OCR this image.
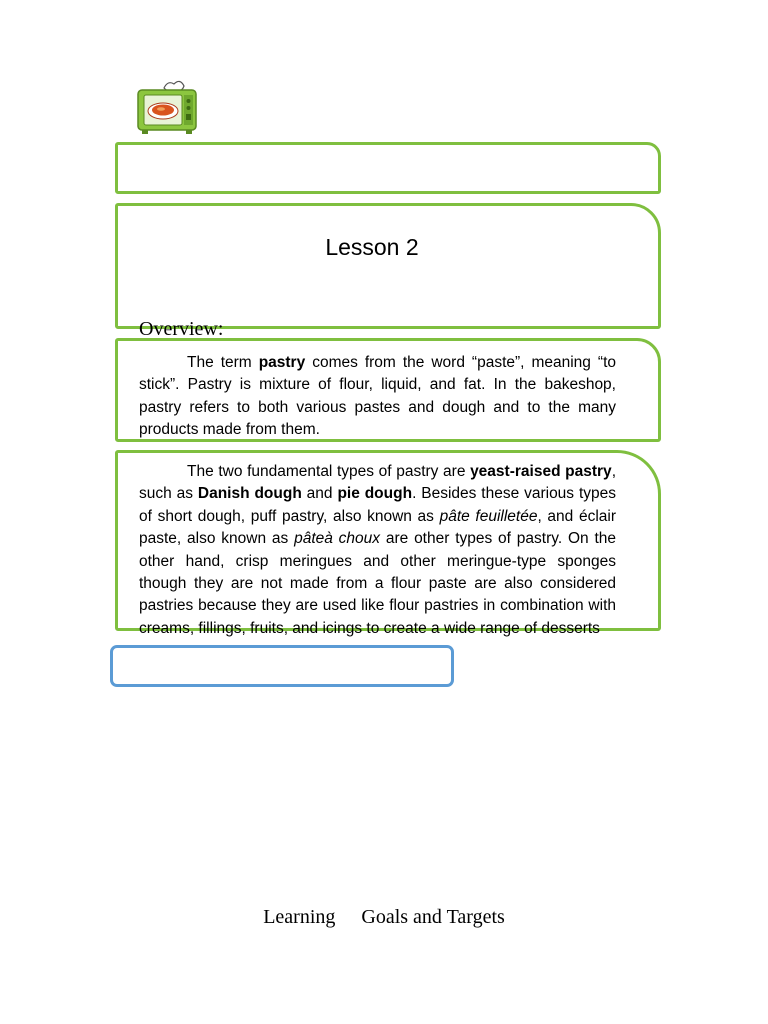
Lesson 2
Overview:
The term pastry comes from the word “paste”, meaning “to stick”. Pastry is mixture of flour, liquid, and fat. In the bakeshop, pastry refers to both various pastes and dough and to the many products made from them.
The two fundamental types of pastry are yeast-raised pastry, such as Danish dough and pie dough. Besides these various types of short dough, puff pastry, also known as pâte feuilletée, and éclair paste, also known as pâteà choux are other types of pastry. On the other hand, crisp meringues and other meringue-type sponges though they are not made from a flour paste are also considered pastries because they are used like flour pastries in combination with creams, fillings, fruits, and icings to create a wide range of desserts
Learning Goals and Targets
